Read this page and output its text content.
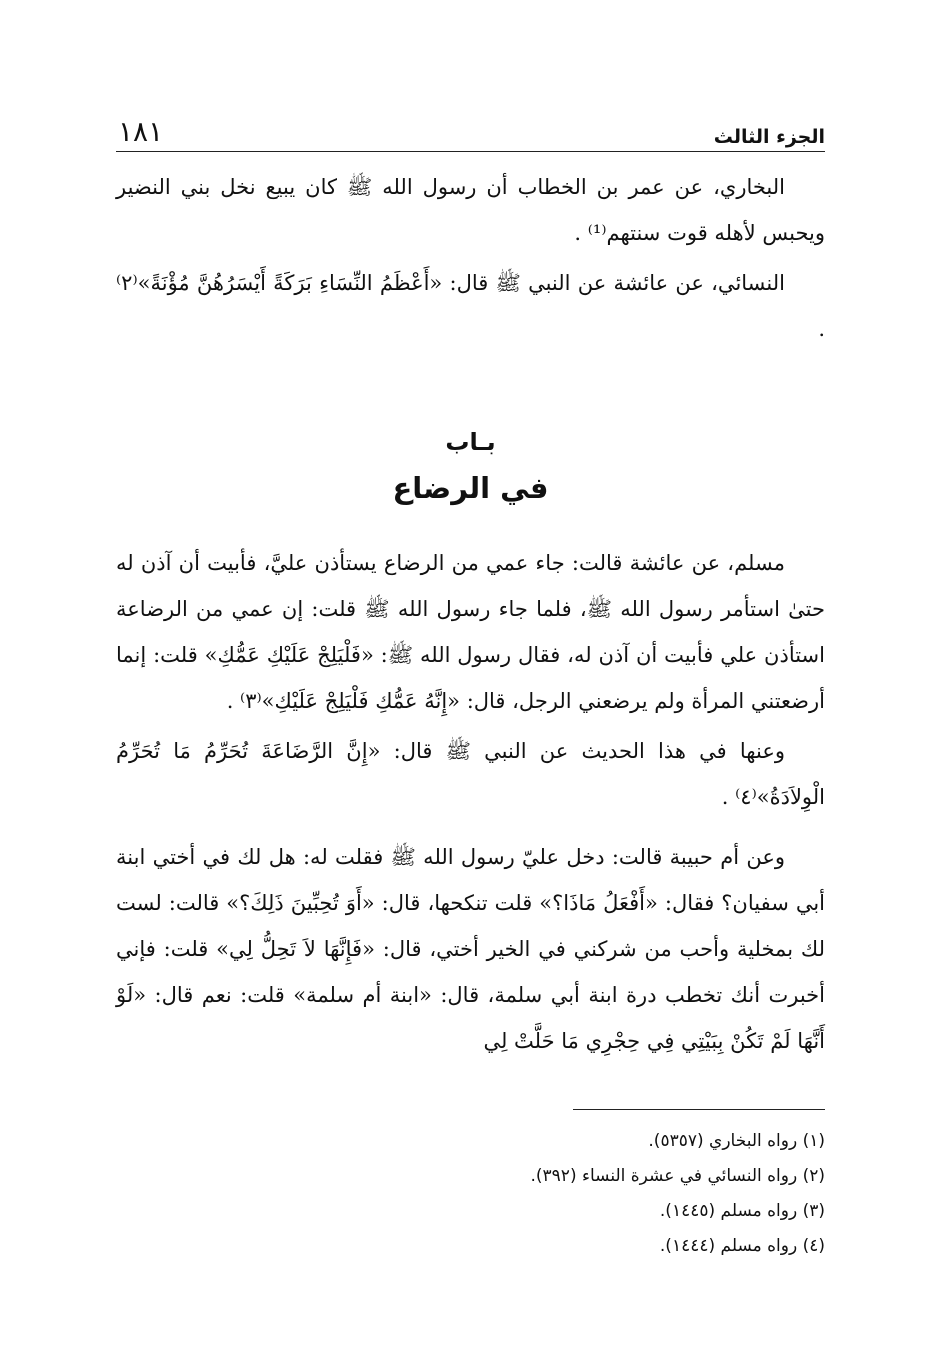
الجزء الثالث
١٨١

البخاري، عن عمر بن الخطاب أن رسول الله ﷺ كان يبيع نخل بني النضير ويحبس لأهله قوت سنتهم⁽¹⁾ .

النسائي، عن عائشة عن النبي ﷺ قال: «أَعْظَمُ النِّسَاءِ بَرَكَةً أَيْسَرُهُنَّ مُؤْنَةً»⁽٢⁾ .

بـاب
في الرضاع

مسلم، عن عائشة قالت: جاء عمي من الرضاع يستأذن عليَّ، فأبيت أن آذن له حتىٰ استأمر رسول الله ﷺ، فلما جاء رسول الله ﷺ قلت: إن عمي من الرضاعة استأذن علي فأبيت أن آذن له، فقال رسول الله ﷺ: «فَلْيَلِجْ عَلَيْكِ عَمُّكِ» قلت: إنما أرضعتني المرأة ولم يرضعني الرجل، قال: «إِنَّهُ عَمُّكِ فَلْيَلِجْ عَلَيْكِ»⁽٣⁾ .

وعنها في هذا الحديث عن النبي ﷺ قال: «إِنَّ الرَّضَاعَةَ تُحَرِّمُ مَا تُحَرِّمُ الْوِلاَدَةُ»⁽٤⁾ .

وعن أم حبيبة قالت: دخل عليّ رسول الله ﷺ فقلت له: هل لك في أختي ابنة أبي سفيان؟ فقال: «أَفْعَلُ مَاذَا؟» قلت تنكحها، قال: «أَوَ تُحِبِّينَ ذَلِكَ؟» قالت: لست لك بمخلية وأحب من شركني في الخير أختي، قال: «فَإِنَّهَا لاَ تَحِلُّ لِي» قلت: فإني أخبرت أنك تخطب درة ابنة أبي سلمة، قال: «ابنة أم سلمة» قلت: نعم قال: «لَوْ أَنَّهَا لَمْ تَكُنْ بِبَيْتِي فِي حِجْرِي مَا حَلَّتْ لِي

(١) رواه البخاري (٥٣٥٧).
(٢) رواه النسائي في عشرة النساء (٣٩٢).
(٣) رواه مسلم (١٤٤٥).
(٤) رواه مسلم (١٤٤٤).
